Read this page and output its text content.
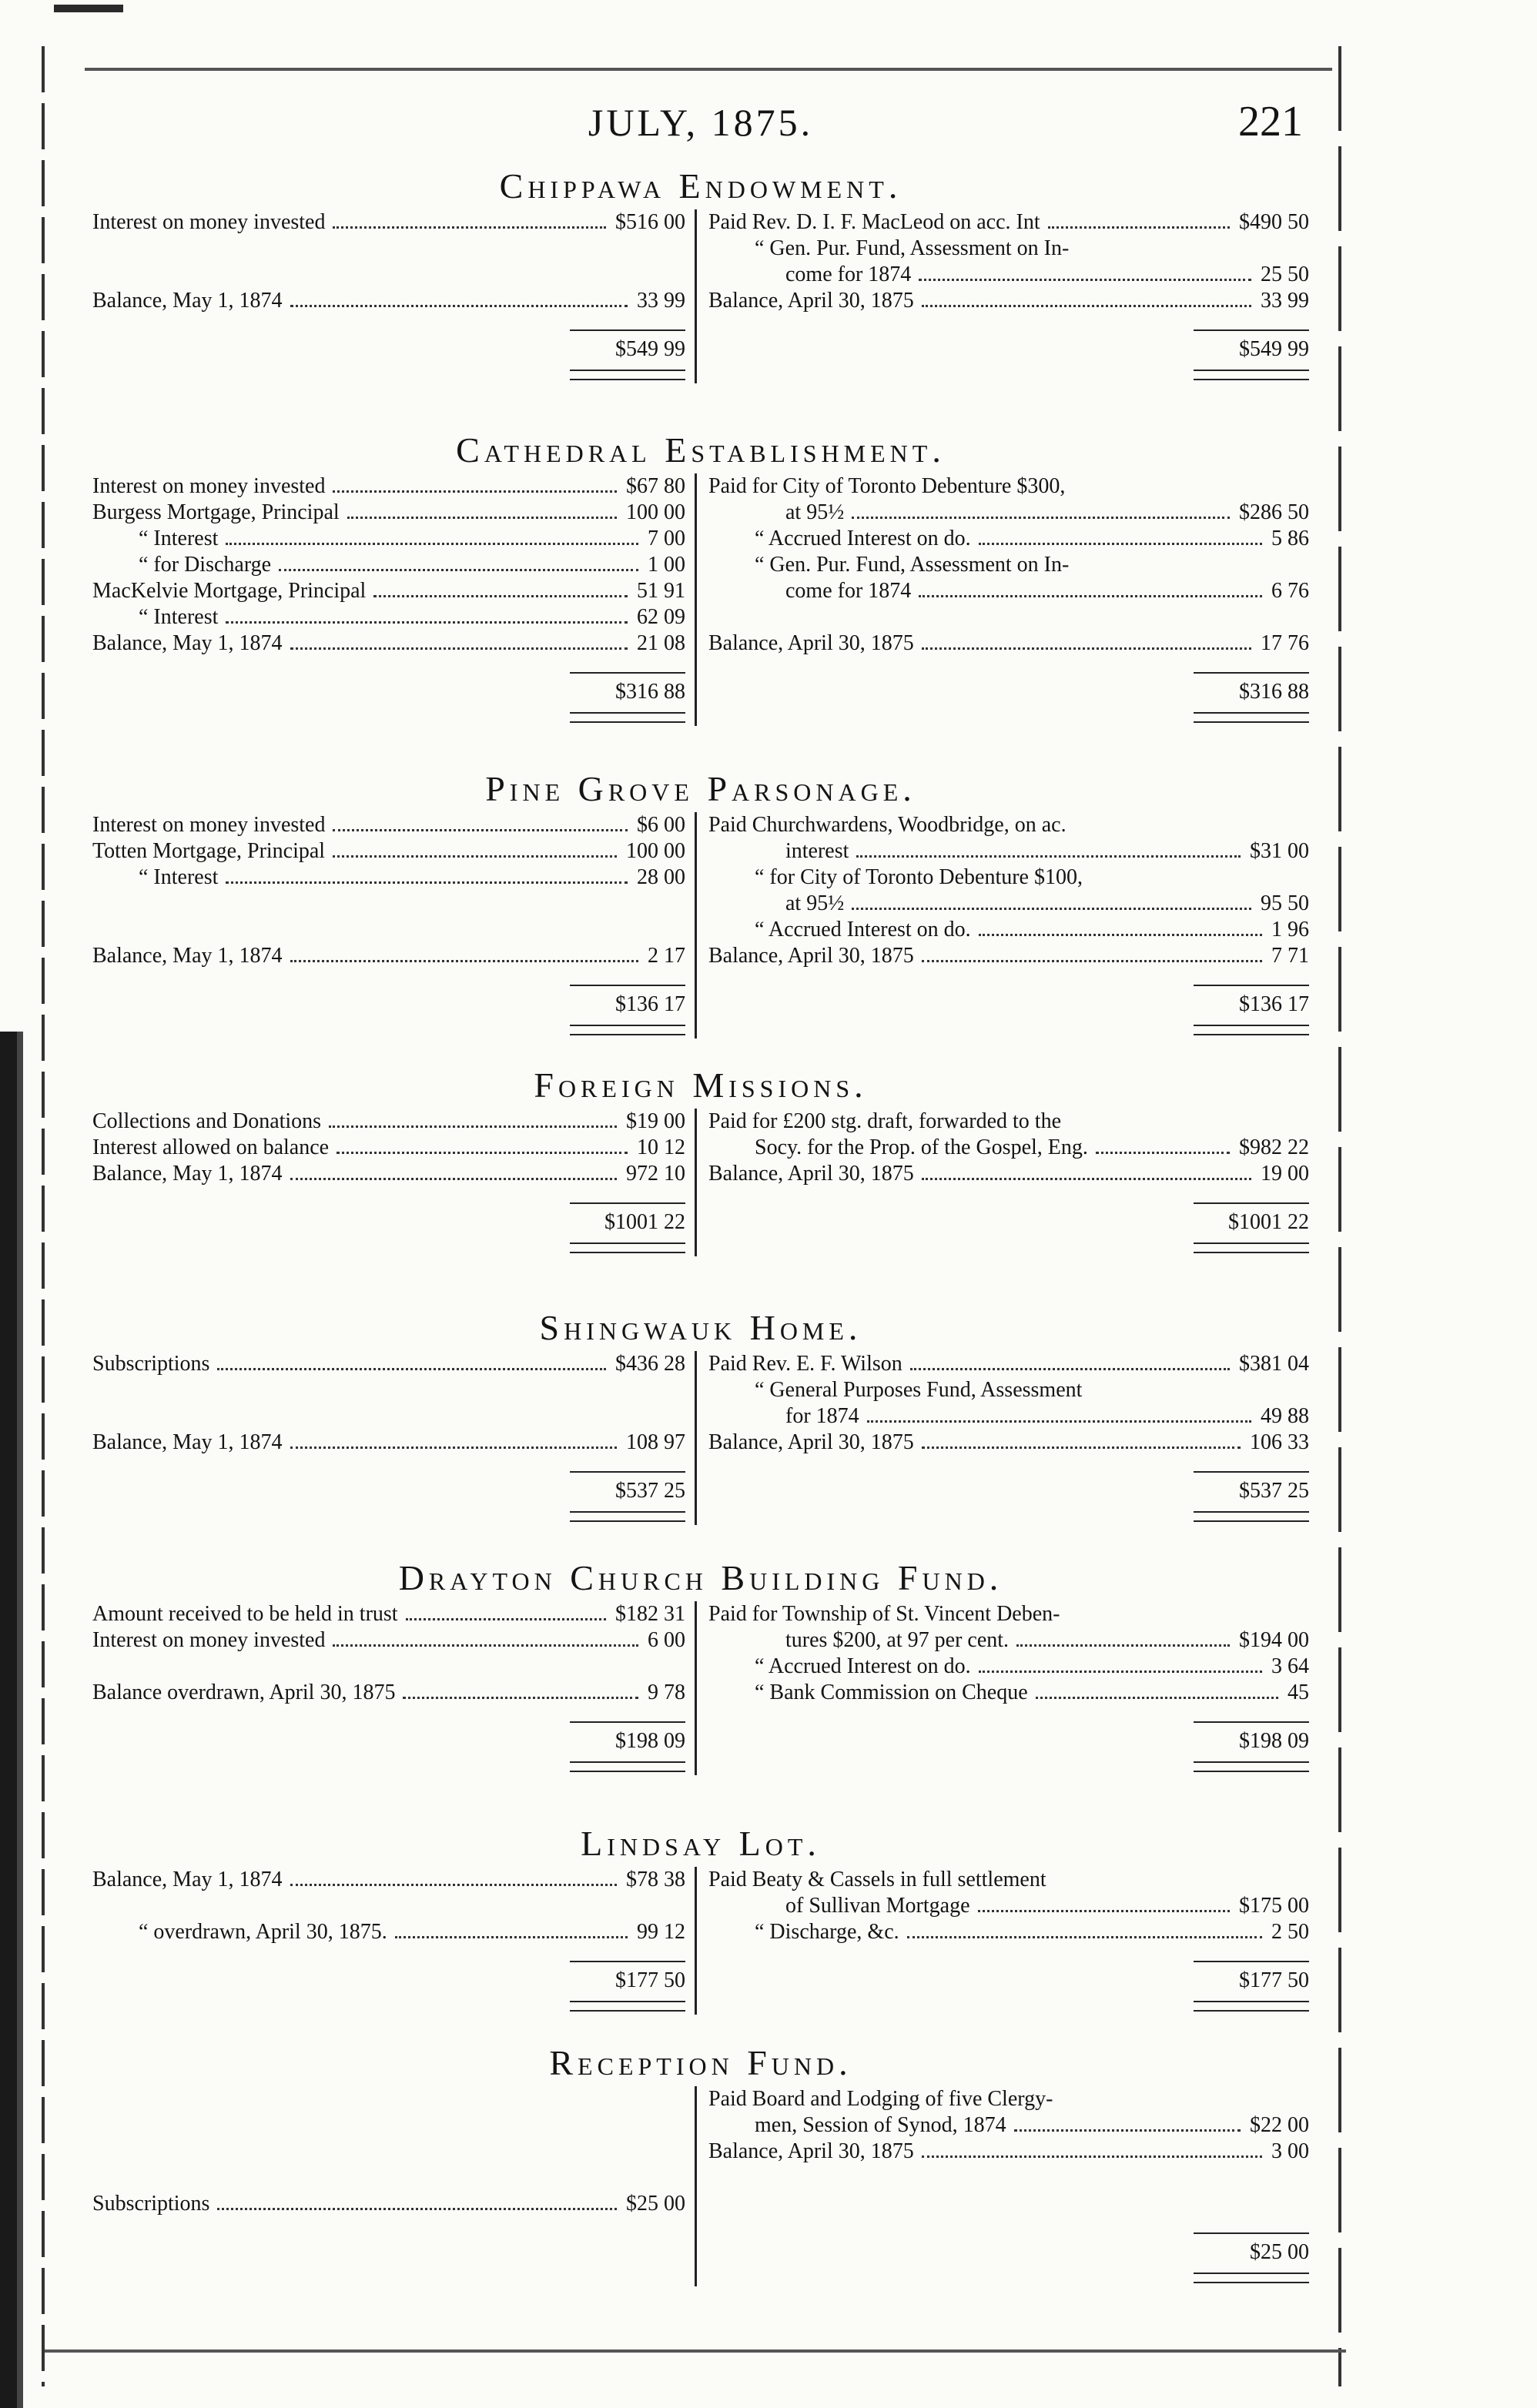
JULY, 1875.	221
Chippawa Endowment.
Interest on money invested	$516 00
Balance, May 1, 1874	33 99
$549 99
Paid Rev. D. I. F. MacLeod on acc. Int	$490 50
“ Gen. Pur. Fund, Assessment on In-
come for 1874	25 50
Balance, April 30, 1875	33 99
$549 99
Cathedral Establishment.
Interest on money invested	$67 80
Burgess Mortgage, Principal	100 00
“ Interest	7 00
“ for Discharge	1 00
MacKelvie Mortgage, Principal	51 91
“ Interest	62 09
Balance, May 1, 1874	21 08
$316 88
Paid for City of Toronto Debenture $300,
at 95½	$286 50
“ Accrued Interest on do.	5 86
“ Gen. Pur. Fund, Assessment on In-
come for 1874	6 76
Balance, April 30, 1875	17 76
$316 88
Pine Grove Parsonage.
Interest on money invested	$6 00
Totten Mortgage, Principal	100 00
“ Interest	28 00
Balance, May 1, 1874	2 17
$136 17
Paid Churchwardens, Woodbridge, on ac.
interest	$31 00
“ for City of Toronto Debenture $100,
at 95½	95 50
“ Accrued Interest on do.	1 96
Balance, April 30, 1875	7 71
$136 17
Foreign Missions.
Collections and Donations	$19 00
Interest allowed on balance	10 12
Balance, May 1, 1874	972 10
$1001 22
Paid for £200 stg. draft, forwarded to the
Socy. for the Prop. of the Gospel, Eng.	$982 22
Balance, April 30, 1875	19 00
$1001 22
Shingwauk Home.
Subscriptions	$436 28
Balance, May 1, 1874	108 97
$537 25
Paid Rev. E. F. Wilson	$381 04
“ General Purposes Fund, Assessment
for 1874	49 88
Balance, April 30, 1875	106 33
$537 25
Drayton Church Building Fund.
Amount received to be held in trust	$182 31
Interest on money invested	6 00
Balance overdrawn, April 30, 1875	9 78
$198 09
Paid for Township of St. Vincent Deben-
tures $200, at 97 per cent.	$194 00
“ Accrued Interest on do.	3 64
“ Bank Commission on Cheque	45
$198 09
Lindsay Lot.
Balance, May 1, 1874	$78 38
“ overdrawn, April 30, 1875.	99 12
$177 50
Paid Beaty & Cassels in full settlement
of Sullivan Mortgage	$175 00
“ Discharge, &c.	2 50
$177 50
Reception Fund.
Subscriptions	$25 00
Paid Board and Lodging of five Clergy-
men, Session of Synod, 1874	$22 00
Balance, April 30, 1875	3 00
$25 00
